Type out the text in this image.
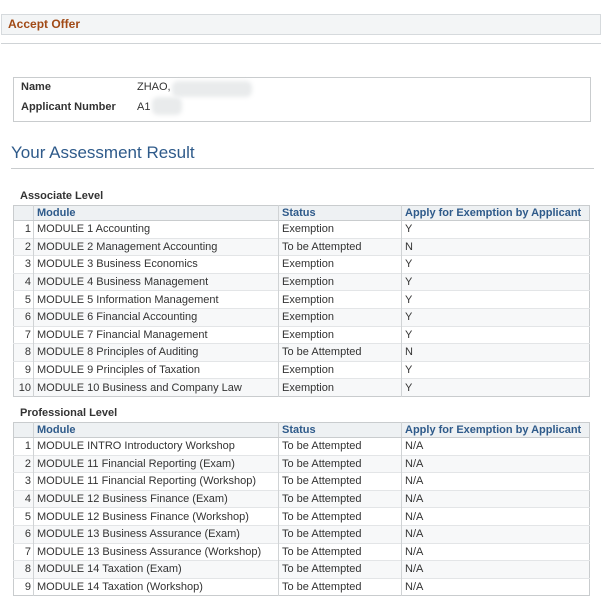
Accept Offer
Name	ZHAO,
Applicant Number A1
Your Assessment Result
Associate Level
	Module	Status	Apply for Exemption by Applicant
1	MODULE 1 Accounting	Exemption	Y
2	MODULE 2 Management Accounting	To be Attempted	N
3	MODULE 3 Business Economics	Exemption	Y
4	MODULE 4 Business Management	Exemption	Y
5	MODULE 5 Information Management	Exemption	Y
6	MODULE 6 Financial Accounting	Exemption	Y
7	MODULE 7 Financial Management	Exemption	Y
8	MODULE 8 Principles of Auditing	To be Attempted	N
9	MODULE 9 Principles of Taxation	Exemption	Y
10	MODULE 10 Business and Company Law	Exemption	Y
Professional Level
	Module	Status	Apply for Exemption by Applicant
1	MODULE INTRO Introductory Workshop	To be Attempted	N/A
2	MODULE 11 Financial Reporting (Exam)	To be Attempted	N/A
3	MODULE 11 Financial Reporting (Workshop)	To be Attempted	N/A
4	MODULE 12 Business Finance (Exam)	To be Attempted	N/A
5	MODULE 12 Business Finance (Workshop)	To be Attempted	N/A
6	MODULE 13 Business Assurance (Exam)	To be Attempted	N/A
7	MODULE 13 Business Assurance (Workshop)	To be Attempted	N/A
8	MODULE 14 Taxation (Exam)	To be Attempted	N/A
9	MODULE 14 Taxation (Workshop)	To be Attempted	N/A
